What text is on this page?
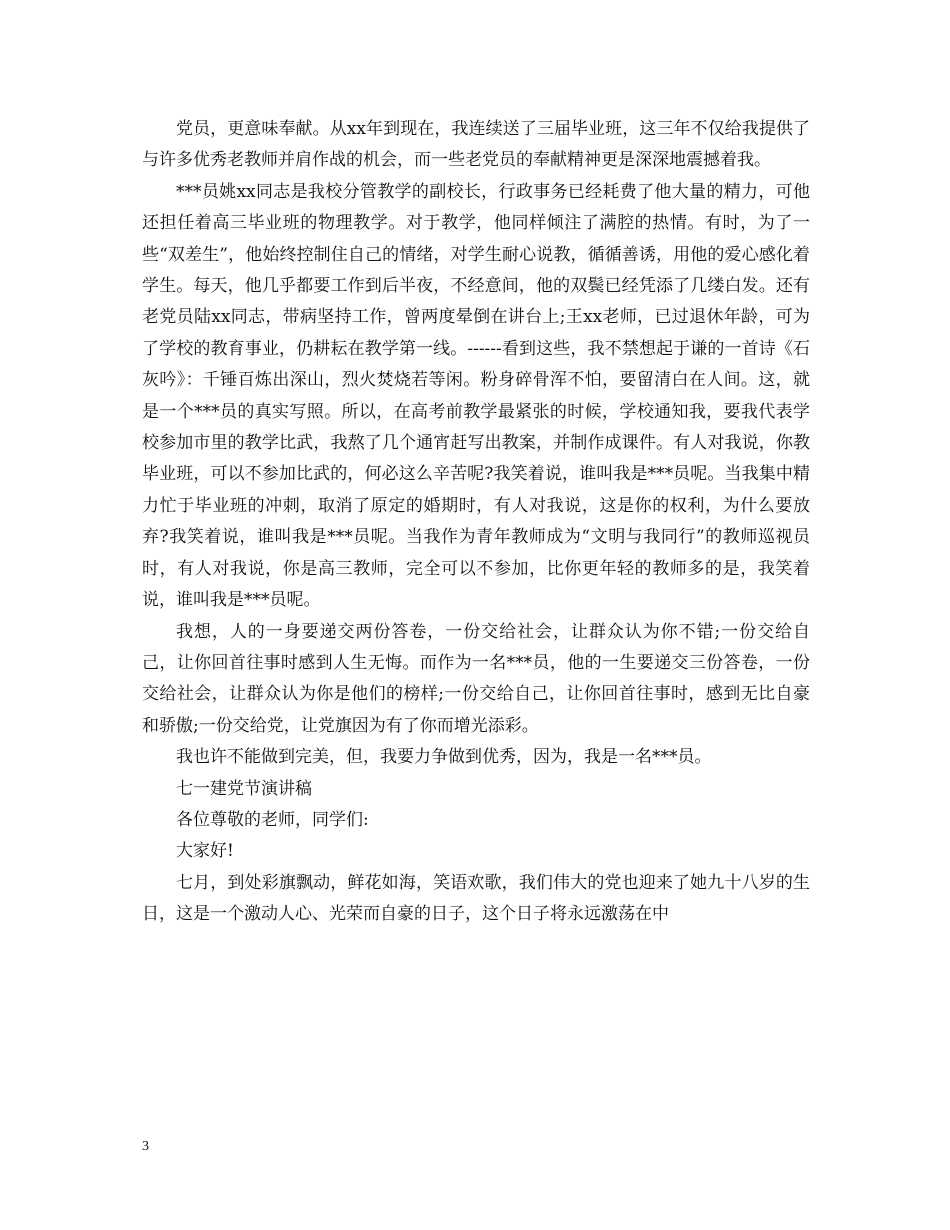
党员，更意味奉献。从xx年到现在，我连续送了三届毕业班，这三年不仅给我提供了与许多优秀老教师并肩作战的机会，而一些老党员的奉献精神更是深深地震撼着我。

***员姚xx同志是我校分管教学的副校长，行政事务已经耗费了他大量的精力，可他还担任着高三毕业班的物理教学。对于教学，他同样倾注了满腔的热情。有时，为了一些“双差生”，他始终控制住自己的情绪，对学生耐心说教，循循善诱，用他的爱心感化着学生。每天，他几乎都要工作到后半夜，不经意间，他的双鬓已经凭添了几缕白发。还有老党员陆xx同志，带病坚持工作，曾两度晕倒在讲台上;王xx老师，已过退休年龄，可为了学校的教育事业，仍耕耘在教学第一线。------看到这些，我不禁想起于谦的一首诗《石灰吟》：千锤百炼出深山，烈火焚烧若等闲。粉身碎骨浑不怕，要留清白在人间。这，就是一个***员的真实写照。所以，在高考前教学最紧张的时候，学校通知我，要我代表学校参加市里的教学比武，我熬了几个通宵赶写出教案，并制作成课件。有人对我说，你教毕业班，可以不参加比武的，何必这么辛苦呢?我笑着说，谁叫我是***员呢。当我集中精力忙于毕业班的冲刺，取消了原定的婚期时，有人对我说，这是你的权利，为什么要放弃?我笑着说，谁叫我是***员呢。当我作为青年教师成为“文明与我同行”的教师巡视员时，有人对我说，你是高三教师，完全可以不参加，比你更年轻的教师多的是，我笑着说，谁叫我是***员呢。

我想，人的一身要递交两份答卷，一份交给社会，让群众认为你不错;一份交给自己，让你回首往事时感到人生无悔。而作为一名***员，他的一生要递交三份答卷，一份交给社会，让群众认为你是他们的榜样;一份交给自己，让你回首往事时，感到无比自豪和骄傲;一份交给党，让党旗因为有了你而增光添彩。

我也许不能做到完美，但，我要力争做到优秀，因为，我是一名***员。

七一建党节演讲稿

各位尊敬的老师，同学们:

大家好!

七月，到处彩旗飘动，鲜花如海，笑语欢歌，我们伟大的党也迎来了她九十八岁的生日，这是一个激动人心、光荣而自豪的日子，这个日子将永远激荡在中

3
